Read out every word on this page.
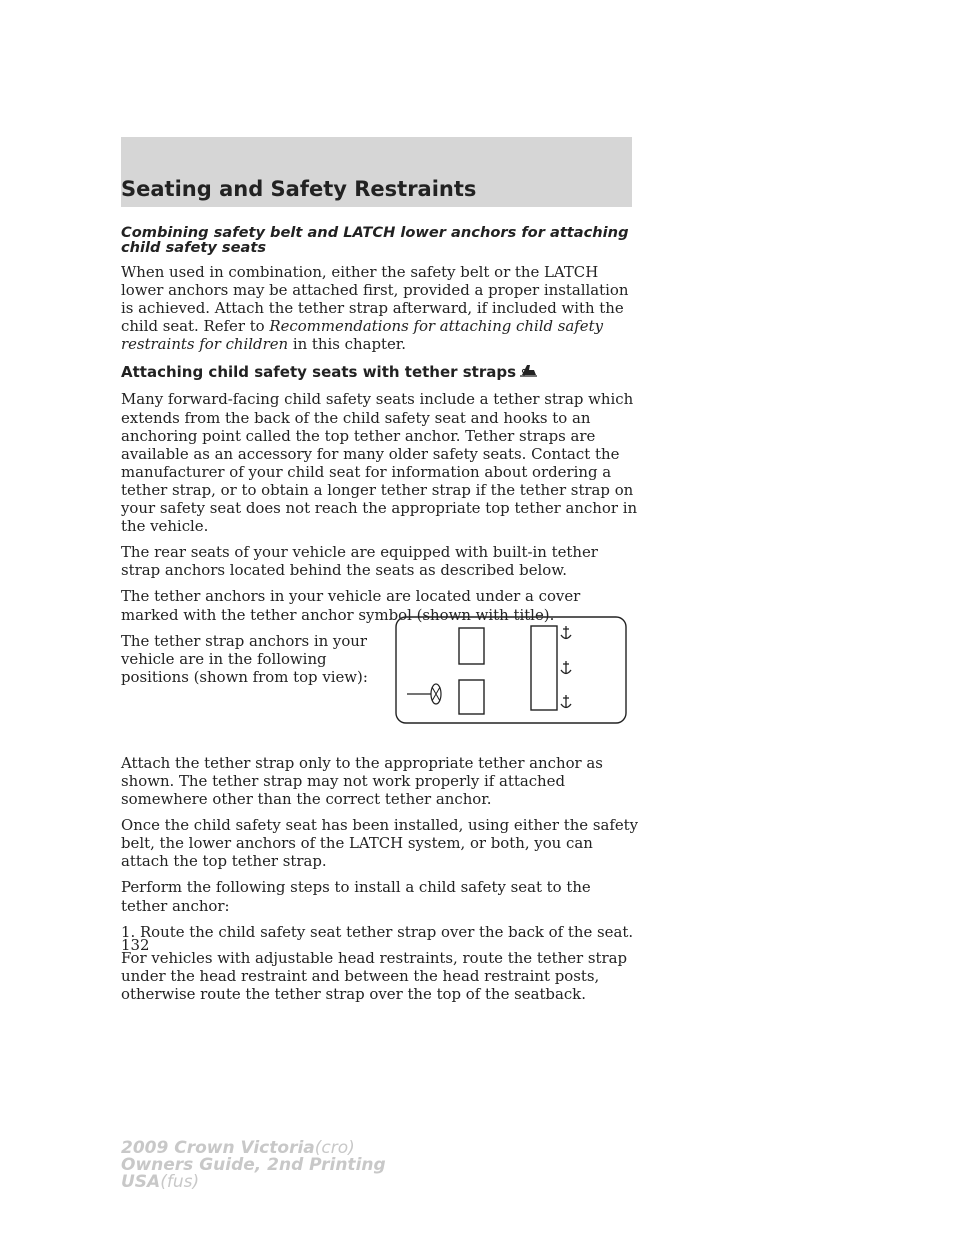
Seating and Safety Restraints
Combining safety belt and LATCH lower anchors for attaching child safety seats

When used in combination, either the safety belt or the LATCH lower anchors may be attached first, provided a proper installation is achieved. Attach the tether strap afterward, if included with the child seat. Refer to Recommendations for attaching child safety restraints for children in this chapter.

Attaching child safety seats with tether straps

Many forward-facing child safety seats include a tether strap which extends from the back of the child safety seat and hooks to an anchoring point called the top tether anchor. Tether straps are available as an accessory for many older safety seats. Contact the manufacturer of your child seat for information about ordering a tether strap, or to obtain a longer tether strap if the tether strap on your safety seat does not reach the appropriate top tether anchor in the vehicle.

The rear seats of your vehicle are equipped with built-in tether strap anchors located behind the seats as described below.

The tether anchors in your vehicle are located under a cover marked with the tether anchor symbol (shown with title).

The tether strap anchors in your vehicle are in the following positions (shown from top view):

Attach the tether strap only to the appropriate tether anchor as shown. The tether strap may not work properly if attached somewhere other than the correct tether anchor.

Once the child safety seat has been installed, using either the safety belt, the lower anchors of the LATCH system, or both, you can attach the top tether strap.

Perform the following steps to install a child safety seat to the tether anchor:

1. Route the child safety seat tether strap over the back of the seat.

For vehicles with adjustable head restraints, route the tether strap under the head restraint and between the head restraint posts, otherwise route the tether strap over the top of the seatback.

132
2009 Crown Victoria(cro)
Owners Guide, 2nd Printing
USA(fus)
